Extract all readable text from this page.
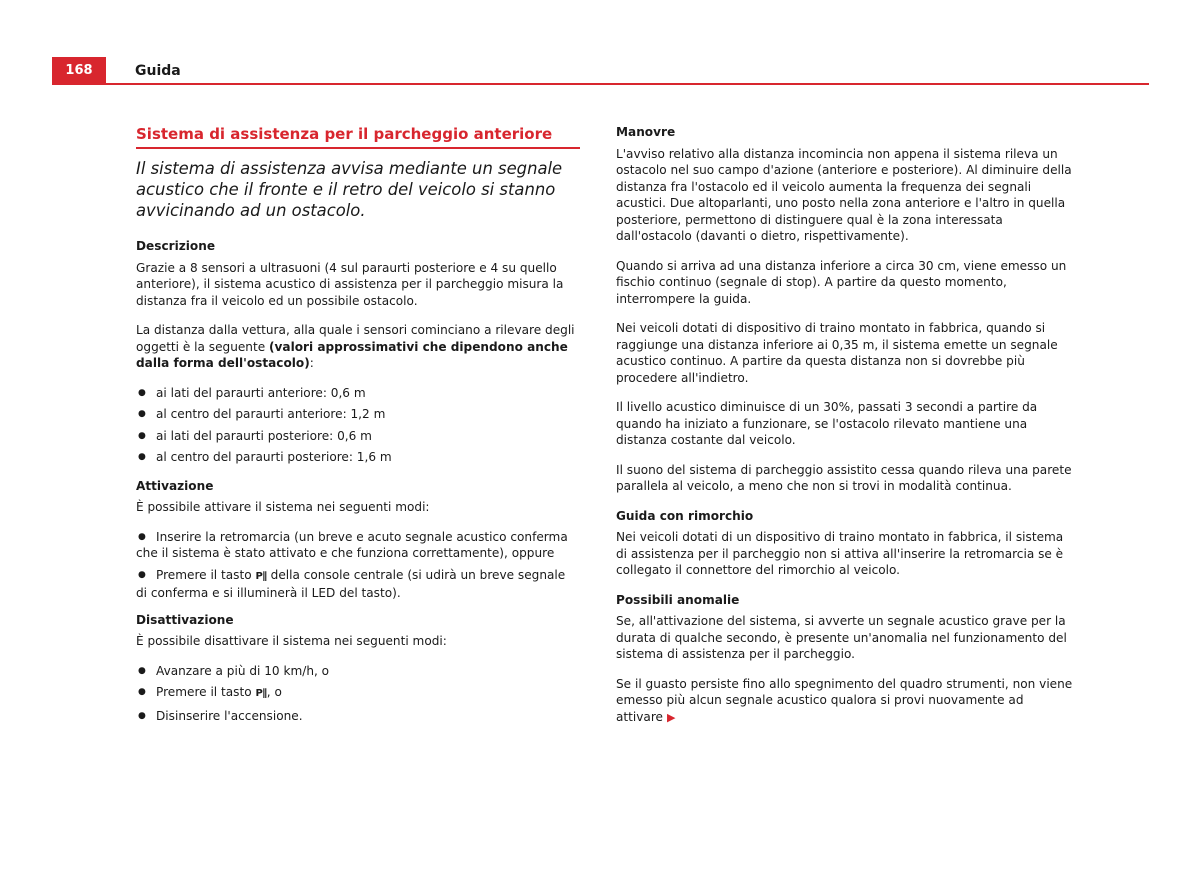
168	Guida
Sistema di assistenza per il parcheggio anteriore

Il sistema di assistenza avvisa mediante un segnale acustico che il fronte e il retro del veicolo si stanno avvicinando ad un ostacolo.

Descrizione

Grazie a 8 sensori a ultrasuoni (4 sul paraurti posteriore e 4 su quello anteriore), il sistema acustico di assistenza per il parcheggio misura la distanza fra il veicolo ed un possibile ostacolo.

La distanza dalla vettura, alla quale i sensori cominciano a rilevare degli oggetti è la seguente (valori approssimativi che dipendono anche dalla forma dell'ostacolo):

● ai lati del paraurti anteriore: 0,6 m
● al centro del paraurti anteriore: 1,2 m
● ai lati del paraurti posteriore: 0,6 m
● al centro del paraurti posteriore: 1,6 m
Attivazione

È possibile attivare il sistema nei seguenti modi:

● Inserire la retromarcia (un breve e acuto segnale acustico conferma che il sistema è stato attivato e che funziona correttamente), oppure
● Premere il tasto P∥ della console centrale (si udirà un breve segnale di conferma e si illuminerà il LED del tasto).
Disattivazione

È possibile disattivare il sistema nei seguenti modi:

● Avanzare a più di 10 km/h, o
● Premere il tasto P∥, o
● Disinserire l'accensione.
Manovre

L'avviso relativo alla distanza incomincia non appena il sistema rileva un ostacolo nel suo campo d'azione (anteriore e posteriore). Al diminuire della distanza fra l'ostacolo ed il veicolo aumenta la frequenza dei segnali acustici. Due altoparlanti, uno posto nella zona anteriore e l'altro in quella posteriore, permettono di distinguere qual è la zona interessata dall'ostacolo (davanti o dietro, rispettivamente).

Quando si arriva ad una distanza inferiore a circa 30 cm, viene emesso un fischio continuo (segnale di stop). A partire da questo momento, interrompere la guida.

Nei veicoli dotati di dispositivo di traino montato in fabbrica, quando si raggiunge una distanza inferiore ai 0,35 m, il sistema emette un segnale acustico continuo. A partire da questa distanza non si dovrebbe più procedere all'indietro.

Il livello acustico diminuisce di un 30%, passati 3 secondi a partire da quando ha iniziato a funzionare, se l'ostacolo rilevato mantiene una distanza costante dal veicolo.

Il suono del sistema di parcheggio assistito cessa quando rileva una parete parallela al veicolo, a meno che non si trovi in modalità continua.

Guida con rimorchio

Nei veicoli dotati di un dispositivo di traino montato in fabbrica, il sistema di assistenza per il parcheggio non si attiva all'inserire la retromarcia se è collegato il connettore del rimorchio al veicolo.

Possibili anomalie

Se, all'attivazione del sistema, si avverte un segnale acustico grave per la durata di qualche secondo, è presente un'anomalia nel funzionamento del sistema di assistenza per il parcheggio.

Se il guasto persiste fino allo spegnimento del quadro strumenti, non viene emesso più alcun segnale acustico qualora si provi nuovamente ad attivare ▶
